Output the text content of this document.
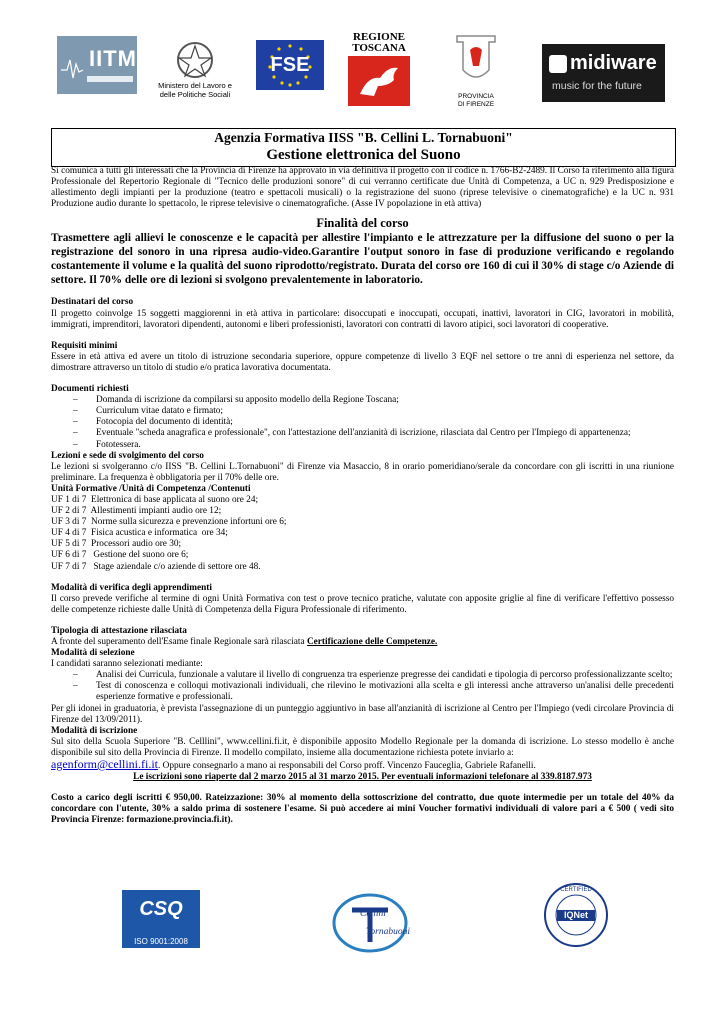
IITM
Ministero del Lavoro e
delle Politiche Sociali
FSE
REGIONE
TOSCANA
PROVINCIA
DI FIRENZE
midiware
music for the future
Agenzia Formativa IISS "B. Cellini L. Tornabuoni"
Gestione elettronica del Suono
Si comunica a tutti gli interessati che la Provincia di Firenze ha approvato in via definitiva il progetto con il codice n. 1766-B2-2489. Il Corso fa riferimento alla figura Professionale del Repertorio Regionale di "Tecnico delle produzioni sonore" di cui verranno certificate due Unità di Competenza, a UC n. 929 Predisposizione e allestimento degli impianti per la produzione (teatro e spettacoli musicali) o la registrazione del suono (riprese televisive o cinematografiche) e la UC n. 931 Produzione audio durante lo spettacolo, le riprese televisive o cinematografiche. (Asse IV popolazione in età attiva)
Finalità del corso
Trasmettere agli allievi le conoscenze e le capacità per allestire l'impianto e le attrezzature per la diffusione del suono o per la registrazione del sonoro in una ripresa audio-video.Garantire l'output sonoro in fase di produzione verificando e regolando costantemente il volume e la qualità del suono riprodotto/registrato. Durata del corso ore 160 di cui il 30% di stage c/o Aziende di settore. Il 70% delle ore di lezioni si svolgono prevalentemente in laboratorio.
Destinatari del corso
Il progetto coinvolge 15 soggetti maggiorenni in età attiva in particolare: disoccupati e inoccupati, occupati, inattivi, lavoratori in CIG, lavoratori in mobilità, immigrati, imprenditori, lavoratori dipendenti, autonomi e liberi professionisti, lavoratori con contratti di lavoro atipici, soci lavoratori di cooperative.
Requisiti minimi
Essere in età attiva ed avere un titolo di istruzione secondaria superiore, oppure competenze di livello 3 EQF nel settore o tre anni di esperienza nel settore, da dimostrare attraverso un titolo di studio e/o pratica lavorativa documentata.
Documenti richiesti
– Domanda di iscrizione da compilarsi su apposito modello della Regione Toscana;
– Curriculum vitae datato e firmato;
– Fotocopia del documento di identità;
– Eventuale "scheda anagrafica e professionale", con l'attestazione dell'anzianità di iscrizione, rilasciata dal Centro per l'Impiego di appartenenza;
– Fototessera.
Lezioni e sede di svolgimento del corso
Le lezioni si svolgeranno c/o IISS "B. Cellini L.Tornabuoni" di Firenze via Masaccio, 8 in orario pomeridiano/serale da concordare con gli iscritti in una riunione preliminare. La frequenza è obbligatoria per il 70% delle ore.
Unità Formative /Unità di Competenza /Contenuti
UF 1 di 7  Elettronica di base applicata al suono ore 24;
UF 2 di 7  Allestimenti impianti audio ore 12;
UF 3 di 7  Norme sulla sicurezza e prevenzione infortuni ore 6;
UF 4 di 7  Fisica acustica e informatica  ore 34;
UF 5 di 7  Processori audio ore 30;
UF 6 di 7   Gestione del suono ore 6;
UF 7 di 7   Stage aziendale c/o aziende di settore ore 48.
Modalità di verifica degli apprendimenti
Il corso prevede verifiche al termine di ogni Unità Formativa con test o prove tecnico pratiche, valutate con apposite griglie al fine di verificare l'effettivo possesso delle competenze richieste dalle Unità di Competenza della Figura Professionale di riferimento.
Tipologia di attestazione rilasciata
A fronte del superamento dell'Esame finale Regionale sarà rilasciata Certificazione delle Competenze.
Modalità di selezione
I candidati saranno selezionati mediante:
– Analisi dei Curricula, funzionale a valutare il livello di congruenza tra esperienze pregresse dei candidati e tipologia di percorso professionalizzante scelto;
– Test di conoscenza e colloqui motivazionali individuali, che rilevino le motivazioni alla scelta e gli interessi anche attraverso un'analisi delle precedenti esperienze formative e professionali.
Per gli idonei in graduatoria, è prevista l'assegnazione di un punteggio aggiuntivo in base all'anzianità di iscrizione al Centro per l'Impiego (vedi circolare Provincia di Firenze del 13/09/2011).
Modalità di iscrizione
Sul sito della Scuola Superiore "B. Celllini", www.cellini.fi.it, è disponibile apposito Modello Regionale per la domanda di iscrizione. Lo stesso modello è anche disponibile sul sito della Provincia di Firenze. Il modello compilato, insieme alla documentazione richiesta potete inviarlo a:
agenform@cellini.fi.it. Oppure consegnarlo a mano ai responsabili del Corso proff. Vincenzo Fauceglia, Gabriele Rafanelli.
Le iscrizioni sono riaperte dal 2 marzo 2015 al 31 marzo 2015. Per eventuali informazioni telefonare al 339.8187.973
Costo a carico degli iscritti € 950,00. Rateizzazione: 30% al momento della sottoscrizione del contratto, due quote intermedie per un totale del 40% da concordare con l'utente, 30% a saldo prima di sostenere l'esame. Si può accedere ai mini Voucher formativi individuali di valore pari a € 500 ( vedi sito Provincia Firenze: formazione.provincia.fi.it).
CSQ
ISO 9001:2008
Cellini
Tornabuoni
IQNet
CERTIFIED
